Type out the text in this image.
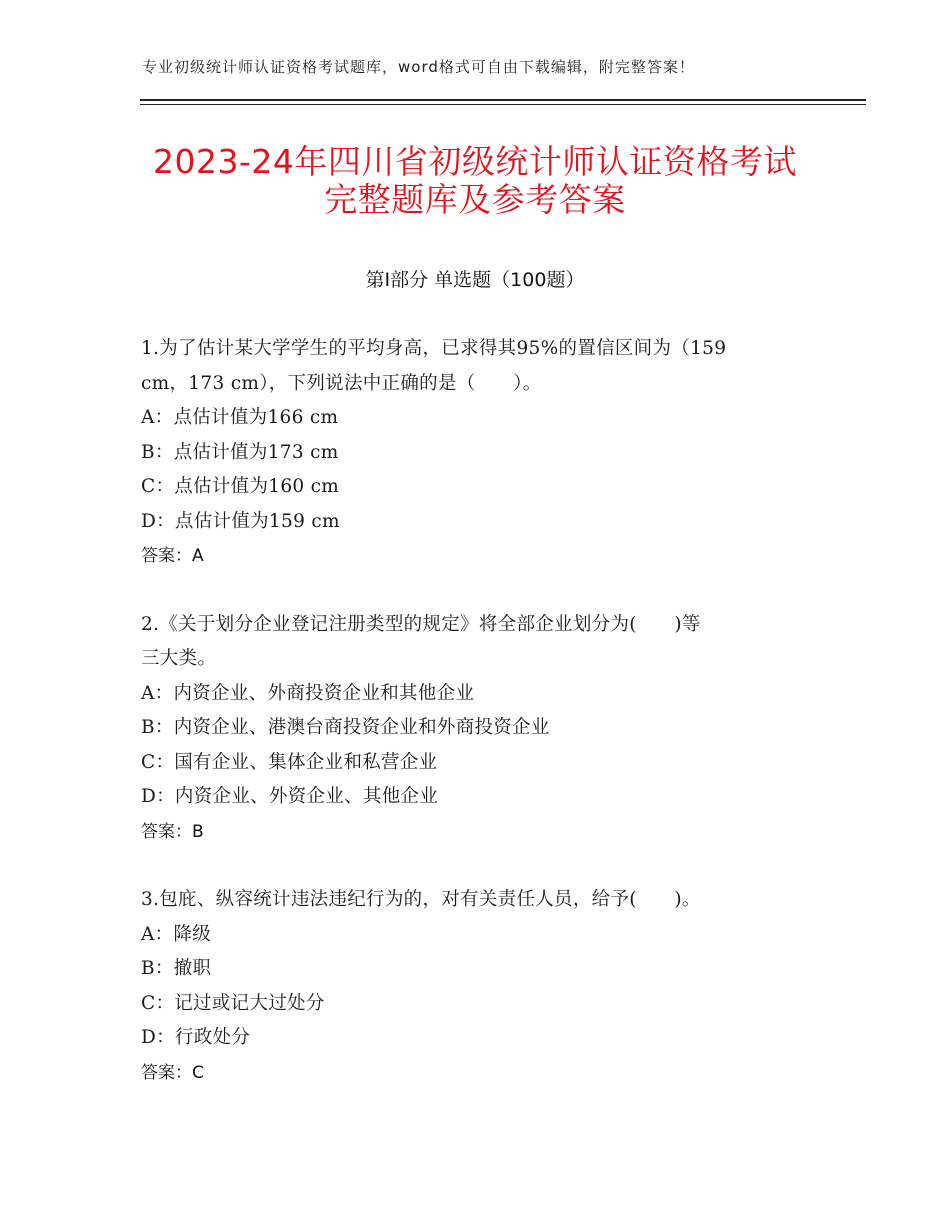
专业初级统计师认证资格考试题库，word格式可自由下载编辑，附完整答案！
2023-24年四川省初级统计师认证资格考试
完整题库及参考答案
第Ⅰ部分 单选题（100题）

1.为了估计某大学学生的平均身高，已求得其95%的置信区间为（159

cm，173 cm），下列说法中正确的是（　　）。

A：点估计值为166 cm

B：点估计值为173 cm

C：点估计值为160 cm

D：点估计值为159 cm

答案：A

2.《关于划分企业登记注册类型的规定》将全部企业划分为(　　)等

三大类。

A：内资企业、外商投资企业和其他企业

B：内资企业、港澳台商投资企业和外商投资企业

C：国有企业、集体企业和私营企业

D：内资企业、外资企业、其他企业

答案：B

3.包庇、纵容统计违法违纪行为的，对有关责任人员，给予(　　)。

A：降级

B：撤职

C：记过或记大过处分

D：行政处分

答案：C
